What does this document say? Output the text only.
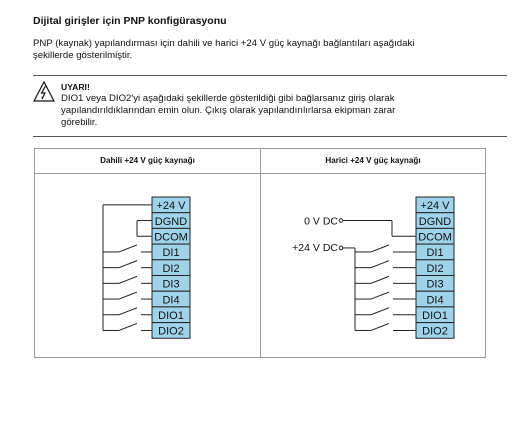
Dijital girişler için PNP konfigürasyonu
PNP (kaynak) yapılandırması için dahili ve harici +24 V güç kaynağı bağlantıları aşağıdaki
şekillerde gösterilmiştir.
UYARI!
DIO1 veya DIO2'yi aşağıdaki şekillerde gösterildiği gibi bağlarsanız giriş olarak
yapılandırıldıklarından emin olun. Çıkış olarak yapılandırılırlarsa ekipman zarar
görebilir.
Dahili +24 V güç kaynağı	Harici +24 V güç kaynağı
+24 V
DGND
DCOM
DI1
DI2
DI3
DI4
DIO1
DIO2
+24 V
DGND
DCOM
DI1
DI2
DI3
DI4
DIO1
DIO2
0 V DC
+24 V DC
